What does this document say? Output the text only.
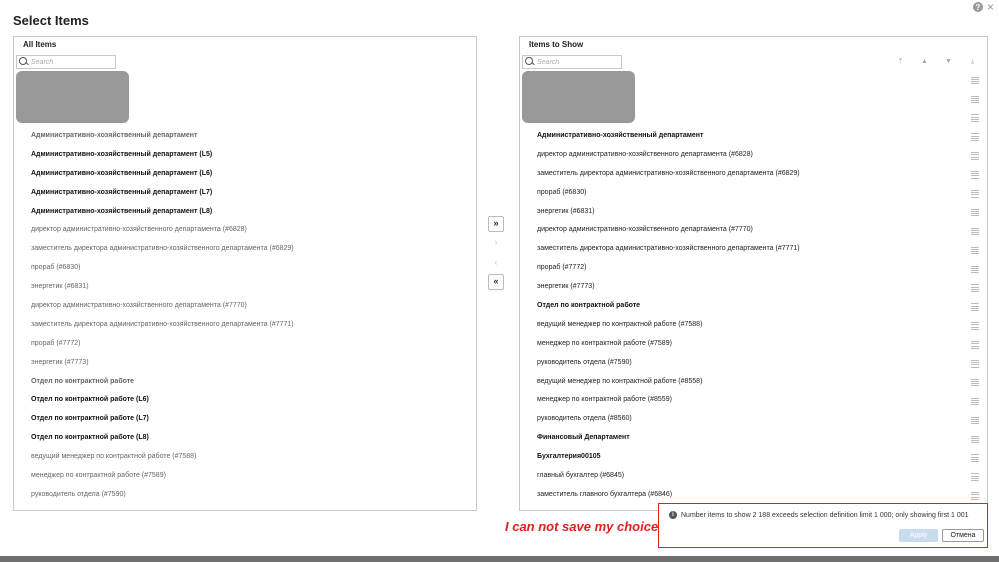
Select Items
? ×
All Items
Search
Административно-хозяйственный департамент
Административно-хозяйственный департамент (L5)
Административно-хозяйственный департамент (L6)
Административно-хозяйственный департамент (L7)
Административно-хозяйственный департамент (L8)
директор административно-хозяйственного департамента (#6828)
заместитель директора административно-хозяйственного департамента (#6829)
прораб (#6830)
энергетик (#6831)
директор административно-хозяйственного департамента (#7770)
заместитель директора административно-хозяйственного департамента (#7771)
прораб (#7772)
энергетик (#7773)
Отдел по контрактной работе
Отдел по контрактной работе (L6)
Отдел по контрактной работе (L7)
Отдел по контрактной работе (L8)
ведущий менеджер по контрактной работе (#7588)
менеджер по контрактной работе (#7589)
руководитель отдела (#7590)
»
›
‹
«
Items to Show
Search
⤒	▲	▼	⤓
Административно-хозяйственный департамент
директор административно-хозяйственного департамента (#6828)
заместитель директора административно-хозяйственного департамента (#6829)
прораб (#6830)
энергетик (#6831)
директор административно-хозяйственного департамента (#7770)
заместитель директора административно-хозяйственного департамента (#7771)
прораб (#7772)
энергетик (#7773)
Отдел по контрактной работе
ведущий менеджер по контрактной работе (#7588)
менеджер по контрактной работе (#7589)
руководитель отдела (#7590)
ведущий менеджер по контрактной работе (#8558)
менеджер по контрактной работе (#8559)
руководитель отдела (#8560)
Финансовый Департамент
Бухгалтерия00105
главный бухгалтер (#6845)
заместитель главного бухгалтера (#6846)
I can not save my choice
i	Number items to show 2 188 exceeds selection definition limit 1 000; only showing first 1 001
Apply	Отмена
